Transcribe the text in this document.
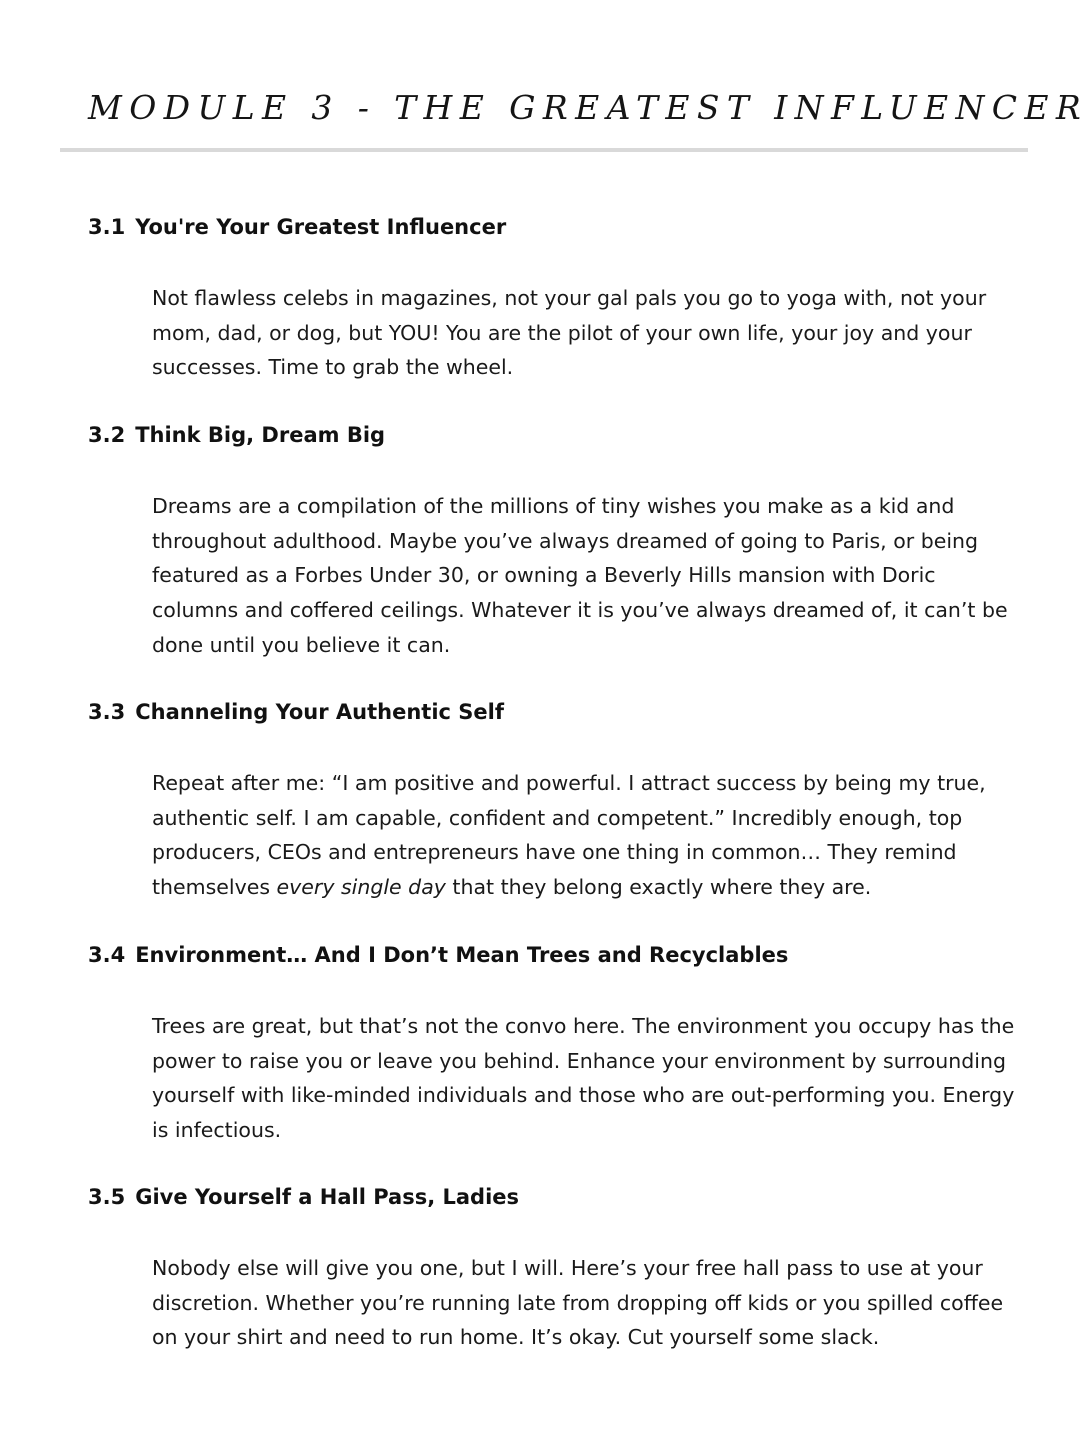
MODULE 3 - THE GREATEST INFLUENCER
3.1 You're Your Greatest Influencer

Not flawless celebs in magazines, not your gal pals you go to yoga with, not your mom, dad, or dog, but YOU! You are the pilot of your own life, your joy and your successes. Time to grab the wheel.

3.2 Think Big, Dream Big

Dreams are a compilation of the millions of tiny wishes you make as a kid and throughout adulthood. Maybe you’ve always dreamed of going to Paris, or being featured as a Forbes Under 30, or owning a Beverly Hills mansion with Doric columns and coffered ceilings. Whatever it is you’ve always dreamed of, it can’t be done until you believe it can.

3.3 Channeling Your Authentic Self

Repeat after me: “I am positive and powerful. I attract success by being my true, authentic self. I am capable, confident and competent.” Incredibly enough, top producers, CEOs and entrepreneurs have one thing in common… They remind themselves every single day that they belong exactly where they are.

3.4 Environment… And I Don’t Mean Trees and Recyclables

Trees are great, but that’s not the convo here. The environment you occupy has the power to raise you or leave you behind. Enhance your environment by surrounding yourself with like-minded individuals and those who are out-performing you. Energy is infectious.

3.5 Give Yourself a Hall Pass, Ladies

Nobody else will give you one, but I will. Here’s your free hall pass to use at your discretion. Whether you’re running late from dropping off kids or you spilled coffee on your shirt and need to run home. It’s okay. Cut yourself some slack.
